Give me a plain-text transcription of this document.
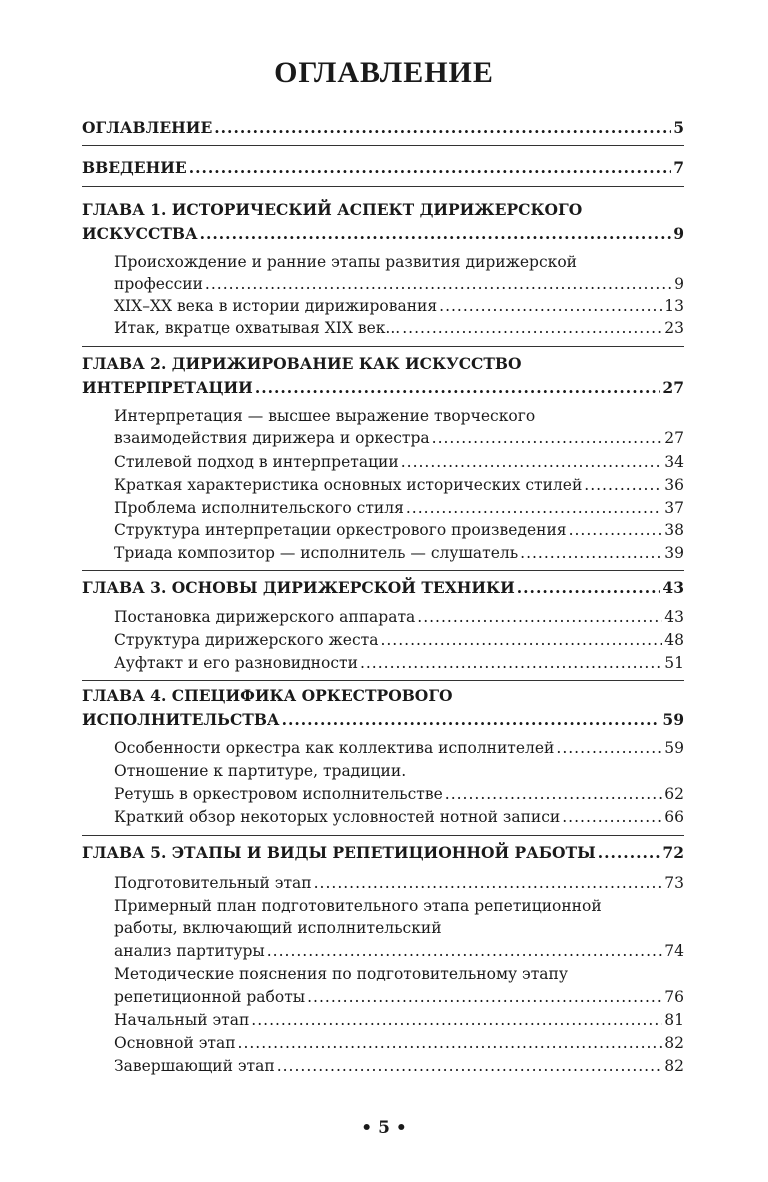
ОГЛАВЛЕНИЕ
ОГЛАВЛЕНИЕ .....	5
ВВЕДЕНИЕ .....	7
ГЛАВА 1. ИСТОРИЧЕСКИЙ АСПЕКТ ДИРИЖЕРСКОГО
ИСКУССТВА .....	9
Происхождение и ранние этапы развития дирижерской
профессии .....	9
XIX–XX века в истории дирижирования .....	13
Итак, вкратце охватывая XIX век... .....	23
ГЛАВА 2. ДИРИЖИРОВАНИЕ КАК ИСКУССТВО
ИНТЕРПРЕТАЦИИ .....	27
Интерпретация — высшее выражение творческого
взаимодействия дирижера и оркестра .....	27
Стилевой подход в интерпретации .....	34
Краткая характеристика основных исторических стилей .....	36
Проблема исполнительского стиля .....	37
Структура интерпретации оркестрового произведения .....	38
Триада композитор — исполнитель — слушатель .....	39
ГЛАВА 3. ОСНОВЫ ДИРИЖЕРСКОЙ ТЕХНИКИ .....	43
Постановка дирижерского аппарата .....	43
Структура дирижерского жеста .....	48
Ауфтакт и его разновидности .....	51
ГЛАВА 4. СПЕЦИФИКА ОРКЕСТРОВОГО
ИСПОЛНИТЕЛЬСТВА .....	59
Особенности оркестра как коллектива исполнителей .....	59
Отношение к партитуре, традиции.
Ретушь в оркестровом исполнительстве .....	62
Краткий обзор некоторых условностей нотной записи .....	66
ГЛАВА 5. ЭТАПЫ И ВИДЫ РЕПЕТИЦИОННОЙ РАБОТЫ .....	72
Подготовительный этап .....	73
Примерный план подготовительного этапа репетиционной
работы, включающий исполнительский
анализ партитуры .....	74
Методические пояснения по подготовительному этапу
репетиционной работы .....	76
Начальный этап .....	81
Основной этап .....	82
Завершающий этап .....	82
• 5 •
